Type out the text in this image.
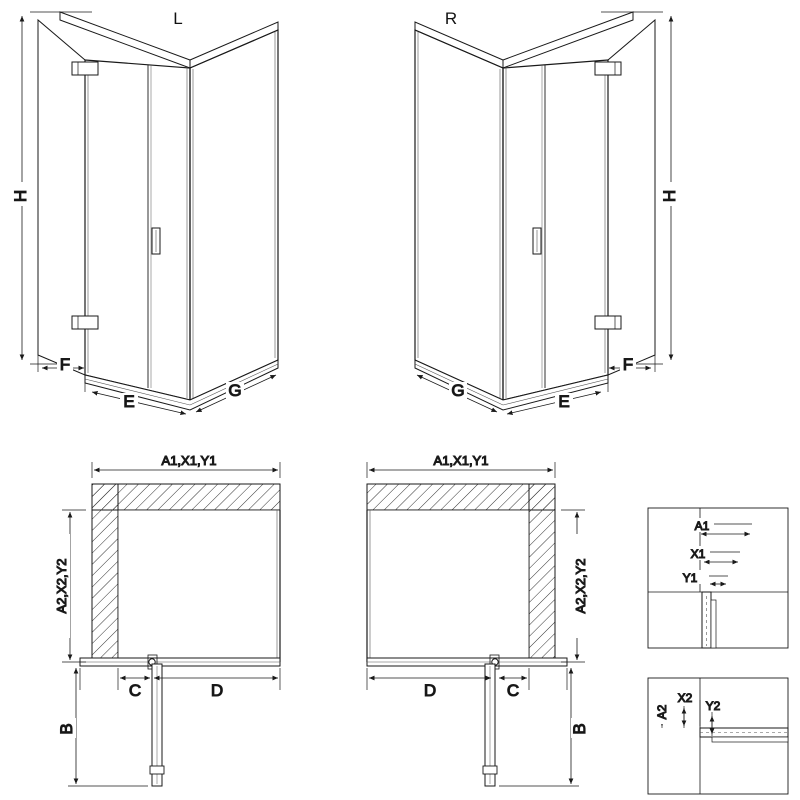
H
F
E
G
H
F
E
G
A1,X1,Y1
A2,X2,Y2
C	D
B
A1,X1,Y1
A2,X2,Y2
D	C
B
A1
X1
Y1
A2
X2
Y2
L	R
